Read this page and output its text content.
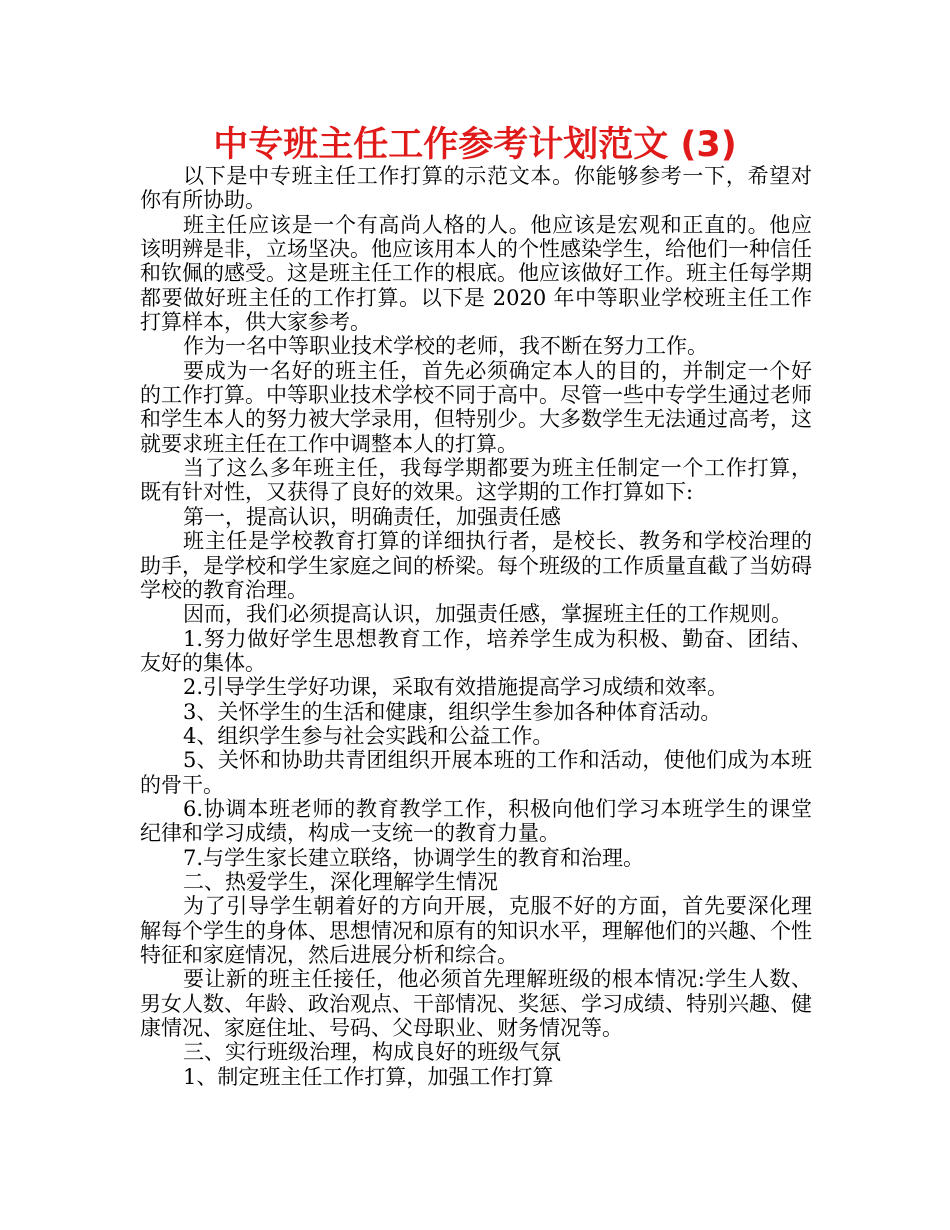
中专班主任工作参考计划范文 (3)

以下是中专班主任工作打算的示范文本。你能够参考一下，希望对你有所协助。

班主任应该是一个有高尚人格的人。他应该是宏观和正直的。他应该明辨是非，立场坚决。他应该用本人的个性感染学生，给他们一种信任和钦佩的感受。这是班主任工作的根底。他应该做好工作。班主任每学期都要做好班主任的工作打算。以下是 2020 年中等职业学校班主任工作打算样本，供大家参考。

作为一名中等职业技术学校的老师，我不断在努力工作。

要成为一名好的班主任，首先必须确定本人的目的，并制定一个好的工作打算。中等职业技术学校不同于高中。尽管一些中专学生通过老师和学生本人的努力被大学录用，但特别少。大多数学生无法通过高考，这就要求班主任在工作中调整本人的打算。

当了这么多年班主任，我每学期都要为班主任制定一个工作打算，既有针对性，又获得了良好的效果。这学期的工作打算如下:

第一，提高认识，明确责任，加强责任感

班主任是学校教育打算的详细执行者，是校长、教务和学校治理的助手，是学校和学生家庭之间的桥梁。每个班级的工作质量直截了当妨碍学校的教育治理。

因而，我们必须提高认识，加强责任感，掌握班主任的工作规则。

1.努力做好学生思想教育工作，培养学生成为积极、勤奋、团结、友好的集体。

2.引导学生学好功课，采取有效措施提高学习成绩和效率。

3、关怀学生的生活和健康，组织学生参加各种体育活动。

4、组织学生参与社会实践和公益工作。

5、关怀和协助共青团组织开展本班的工作和活动，使他们成为本班的骨干。

6.协调本班老师的教育教学工作，积极向他们学习本班学生的课堂纪律和学习成绩，构成一支统一的教育力量。

7.与学生家长建立联络，协调学生的教育和治理。

二、热爱学生，深化理解学生情况

为了引导学生朝着好的方向开展，克服不好的方面，首先要深化理解每个学生的身体、思想情况和原有的知识水平，理解他们的兴趣、个性特征和家庭情况，然后进展分析和综合。

要让新的班主任接任，他必须首先理解班级的根本情况:学生人数、男女人数、年龄、政治观点、干部情况、奖惩、学习成绩、特别兴趣、健康情况、家庭住址、号码、父母职业、财务情况等。

三、实行班级治理，构成良好的班级气氛

1、制定班主任工作打算，加强工作打算
